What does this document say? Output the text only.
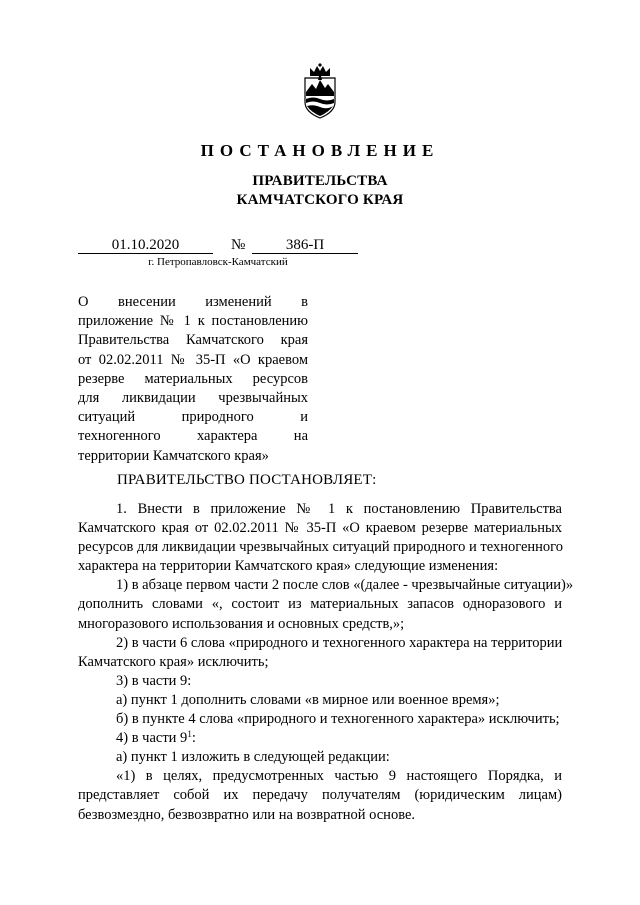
ПОСТАНОВЛЕНИЕ
ПРАВИТЕЛЬСТВА
КАМЧАТСКОГО КРАЯ
01.10.2020	№	386-П
г. Петропавловск-Камчатский
О внесении изменений в
приложение № 1 к постановлению
Правительства Камчатского края
от 02.02.2011 № 35-П «О краевом
резерве материальных ресурсов
для ликвидации чрезвычайных
ситуаций природного и
техногенного характера на
территории Камчатского края»
ПРАВИТЕЛЬСТВО ПОСТАНОВЛЯЕТ:
1. Внести в приложение № 1 к постановлению Правительства
Камчатского края от 02.02.2011 № 35-П «О краевом резерве материальных
ресурсов для ликвидации чрезвычайных ситуаций природного и техногенного
характера на территории Камчатского края» следующие изменения:
1) в абзаце первом части 2 после слов «(далее - чрезвычайные ситуации)»
дополнить словами «, состоит из материальных запасов одноразового и
многоразового использования и основных средств,»;
2) в части 6 слова «природного и техногенного характера на территории
Камчатского края» исключить;
3) в части 9:
а) пункт 1 дополнить словами «в мирное или военное время»;
б) в пункте 4 слова «природного и техногенного характера» исключить;
4) в части $9^1$:
а) пункт 1 изложить в следующей редакции:
«1) в целях, предусмотренных частью 9 настоящего Порядка, и
представляет собой их передачу получателям (юридическим лицам)
безвозмездно, безвозвратно или на возвратной основе.
